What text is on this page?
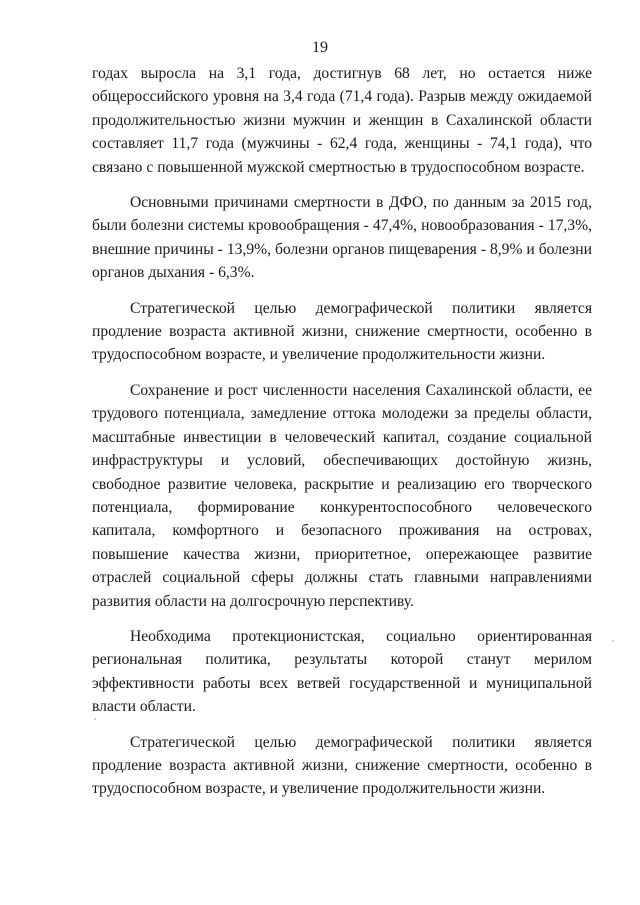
19

годах выросла на 3,1 года, достигнув 68 лет, но остается ниже общероссийского уровня на 3,4 года (71,4 года). Разрыв между ожидаемой продолжительностью жизни мужчин и женщин в Сахалинской области составляет 11,7 года (мужчины - 62,4 года, женщины - 74,1 года), что связано с повышенной мужской смертностью в трудоспособном возрасте.

Основными причинами смертности в ДФО, по данным за 2015 год, были болезни системы кровообращения - 47,4%, новообразования - 17,3%, внешние причины - 13,9%, болезни органов пищеварения - 8,9% и болезни органов дыхания - 6,3%.

Стратегической целью демографической политики является продление возраста активной жизни, снижение смертности, особенно в трудоспособном возрасте, и увеличение продолжительности жизни.

Сохранение и рост численности населения Сахалинской области, ее трудового потенциала, замедление оттока молодежи за пределы области, масштабные инвестиции в человеческий капитал, создание социальной инфраструктуры и условий, обеспечивающих достойную жизнь, свободное развитие человека, раскрытие и реализацию его творческого потенциала, формирование конкурентоспособного человеческого капитала, комфортного и безопасного проживания на островах, повышение качества жизни, приоритетное, опережающее развитие отраслей социальной сферы должны стать главными направлениями развития области на долгосрочную перспективу.

Необходима протекционистская, социально ориентированная региональная политика, результаты которой станут мерилом эффективности работы всех ветвей государственной и муниципальной власти области.

Стратегической целью демографической политики является продление возраста активной жизни, снижение смертности, особенно в трудоспособном возрасте, и увеличение продолжительности жизни.
